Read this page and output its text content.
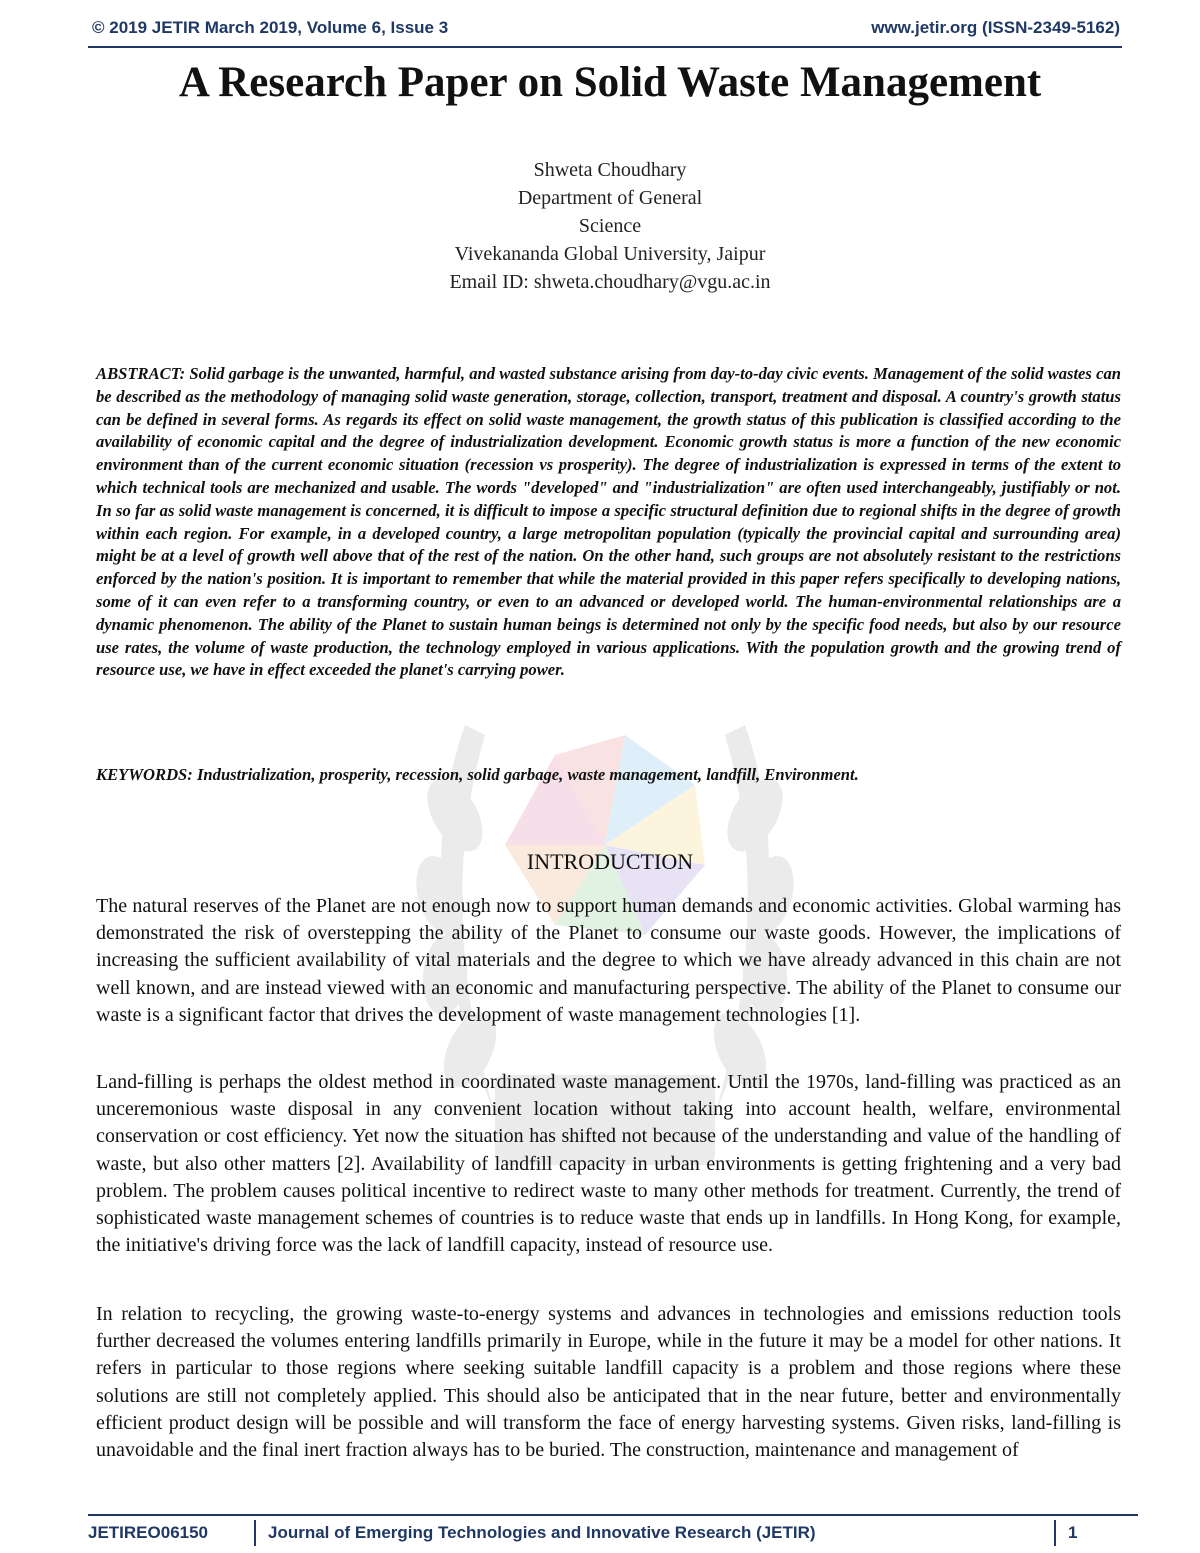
© 2019 JETIR March 2019, Volume 6, Issue 3	www.jetir.org (ISSN-2349-5162)
A Research Paper on Solid Waste Management
Shweta Choudhary
Department of General Science
Vivekananda Global University, Jaipur
Email ID: shweta.choudhary@vgu.ac.in

ABSTRACT: Solid garbage is the unwanted, harmful, and wasted substance arising from day-to-day civic events. Management of the solid wastes can be described as the methodology of managing solid waste generation, storage, collection, transport, treatment and disposal. A country's growth status can be defined in several forms. As regards its effect on solid waste management, the growth status of this publication is classified according to the availability of economic capital and the degree of industrialization development. Economic growth status is more a function of the new economic environment than of the current economic situation (recession vs prosperity). The degree of industrialization is expressed in terms of the extent to which technical tools are mechanized and usable. The words "developed" and "industrialization" are often used interchangeably, justifiably or not. In so far as solid waste management is concerned, it is difficult to impose a specific structural definition due to regional shifts in the degree of growth within each region. For example, in a developed country, a large metropolitan population (typically the provincial capital and surrounding area) might be at a level of growth well above that of the rest of the nation. On the other hand, such groups are not absolutely resistant to the restrictions enforced by the nation's position. It is important to remember that while the material provided in this paper refers specifically to developing nations, some of it can even refer to a transforming country, or even to an advanced or developed world. The human-environmental relationships are a dynamic phenomenon. The ability of the Planet to sustain human beings is determined not only by the specific food needs, but also by our resource use rates, the volume of waste production, the technology employed in various applications. With the population growth and the growing trend of resource use, we have in effect exceeded the planet's carrying power.

KEYWORDS: Industrialization, prosperity, recession, solid garbage, waste management, landfill, Environment.

INTRODUCTION

The natural reserves of the Planet are not enough now to support human demands and economic activities. Global warming has demonstrated the risk of overstepping the ability of the Planet to consume our waste goods. However, the implications of increasing the sufficient availability of vital materials and the degree to which we have already advanced in this chain are not well known, and are instead viewed with an economic and manufacturing perspective. The ability of the Planet to consume our waste is a significant factor that drives the development of waste management technologies [1].

Land-filling is perhaps the oldest method in coordinated waste management. Until the 1970s, land-filling was practiced as an unceremonious waste disposal in any convenient location without taking into account health, welfare, environmental conservation or cost efficiency. Yet now the situation has shifted not because of the understanding and value of the handling of waste, but also other matters [2]. Availability of landfill capacity in urban environments is getting frightening and a very bad problem. The problem causes political incentive to redirect waste to many other methods for treatment. Currently, the trend of sophisticated waste management schemes of countries is to reduce waste that ends up in landfills. In Hong Kong, for example, the initiative's driving force was the lack of landfill capacity, instead of resource use.

In relation to recycling, the growing waste-to-energy systems and advances in technologies and emissions reduction tools further decreased the volumes entering landfills primarily in Europe, while in the future it may be a model for other nations. It refers in particular to those regions where seeking suitable landfill capacity is a problem and those regions where these solutions are still not completely applied. This should also be anticipated that in the near future, better and environmentally efficient product design will be possible and will transform the face of energy harvesting systems. Given risks, land-filling is unavoidable and the final inert fraction always has to be buried. The construction, maintenance and management of

JETIREO06150	Journal of Emerging Technologies and Innovative Research (JETIR)	1
